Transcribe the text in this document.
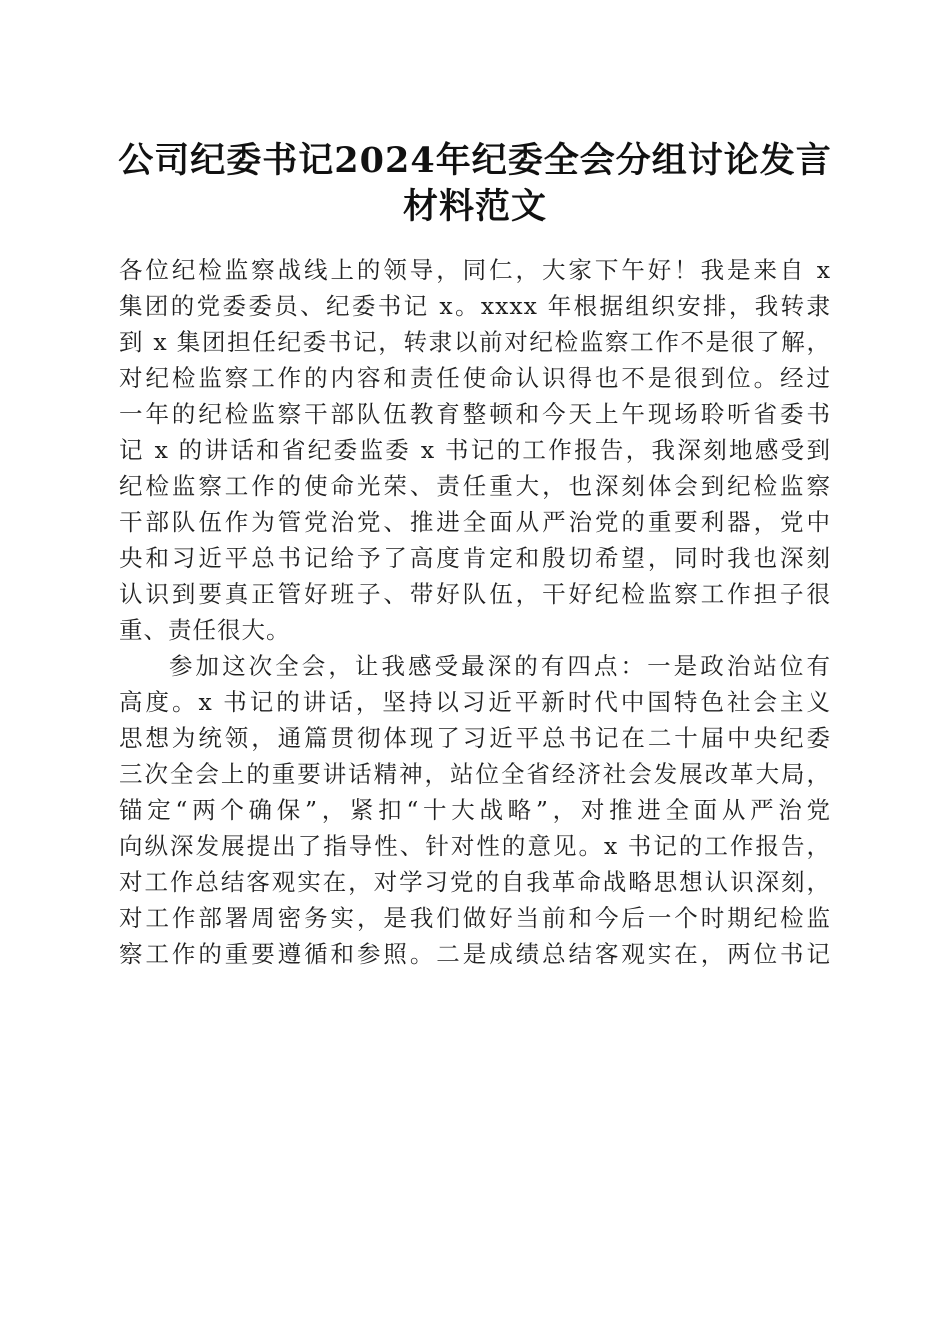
公司纪委书记2024年纪委全会分组讨论发言
材料范文
各位纪检监察战线上的领导，同仁，大家下午好！我是来自 x
集团的党委委员、纪委书记 x。xxxx 年根据组织安排，我转隶
到 x 集团担任纪委书记，转隶以前对纪检监察工作不是很了解，
对纪检监察工作的内容和责任使命认识得也不是很到位。经过
一年的纪检监察干部队伍教育整顿和今天上午现场聆听省委书
记 x 的讲话和省纪委监委 x 书记的工作报告，我深刻地感受到
纪检监察工作的使命光荣、责任重大，也深刻体会到纪检监察
干部队伍作为管党治党、推进全面从严治党的重要利器，党中
央和习近平总书记给予了高度肯定和殷切希望，同时我也深刻
认识到要真正管好班子、带好队伍，干好纪检监察工作担子很
重、责任很大。
参加这次全会，让我感受最深的有四点：一是政治站位有
高度。x 书记的讲话，坚持以习近平新时代中国特色社会主义
思想为统领，通篇贯彻体现了习近平总书记在二十届中央纪委
三次全会上的重要讲话精神，站位全省经济社会发展改革大局，
锚定“两个确保”，紧扣“十大战略”，对推进全面从严治党
向纵深发展提出了指导性、针对性的意见。x 书记的工作报告，
对工作总结客观实在，对学习党的自我革命战略思想认识深刻，
对工作部署周密务实，是我们做好当前和今后一个时期纪检监
察工作的重要遵循和参照。二是成绩总结客观实在，两位书记
